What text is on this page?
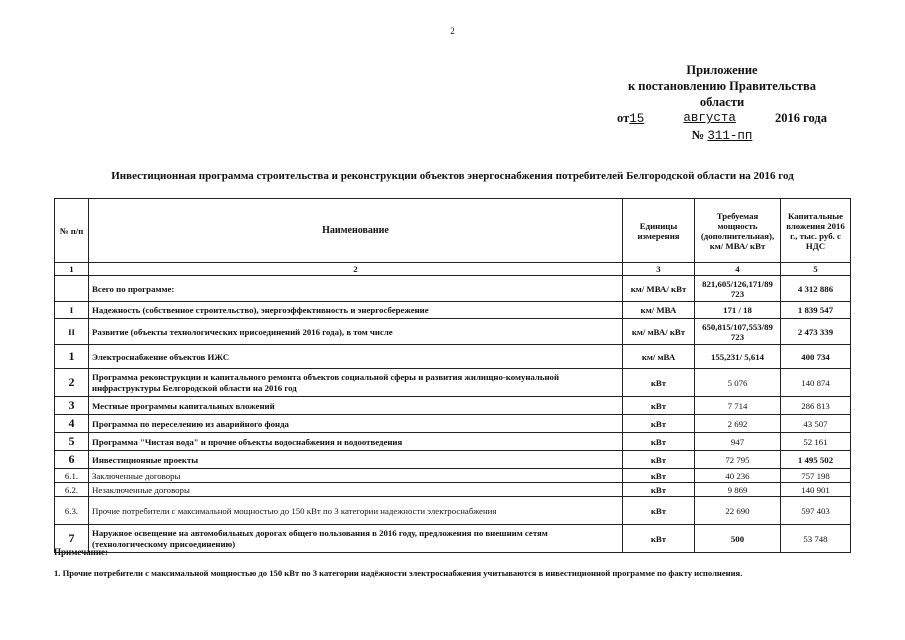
2
Приложение
к постановлению Правительства
области
от15	августа	2016 года
№ 311-пп
Инвестиционная программа строительства и реконструкции объектов энергоснабжения потребителей Белгородской области на 2016 год
№ п/п	Наименование	Единицы измерения	Требуемая мощность (дополнительная), км/ МВА/ кВт	Капитальные вложения 2016 г., тыс. руб. с НДС
1	2	3	4	5
	Всего по программе:	км/ МВА/ кВт	821,605/126,171/89 723	4 312 886
I	Надежность (собственное строительство), энергоэффективность и энергосбережение	км/ МВА	171 / 18	1 839 547
II	Развитие (объекты технологических присоединений 2016 года), в том числе	км/ мВА/ кВт	650,815/107,553/89 723	2 473 339
1	Электроснабжение объектов ИЖС	км/ мВА	155,231/ 5,614	400 734
2	Программа реконструкции и капитального ремонта объектов социальной сферы и развития жилищно-комунальной инфраструктуры Белгородской области на 2016 год	кВт	5 076	140 874
3	Местные программы капитальных вложений	кВт	7 714	286 813
4	Программа по переселению из аварийного фонда	кВт	2 692	43 507
5	Программа "Чистая вода" и прочие объекты водоснабжения и водоотведения	кВт	947	52 161
6	Инвестиционные проекты	кВт	72 795	1 495 502
6.1.	Заключенные договоры	кВт	40 236	757 198
6.2.	Незаключенные договоры	кВт	9 869	140 901
6.3.	Прочие потребители с максимальной мощностью до 150 кВт по 3 категории надежности электроснабжения	кВт	22 690	597 403
7	Наружное освещение на автомобильных дорогах общего пользования в 2016 году, предложения по внешним сетям (технологическому присоединению)	кВт	500	53 748
Примечание:
1. Прочие потребители с максимальной мощностью до 150 кВт по 3 категории надёжности электроснабжения учитываются в инвестиционной программе по факту исполнения.
